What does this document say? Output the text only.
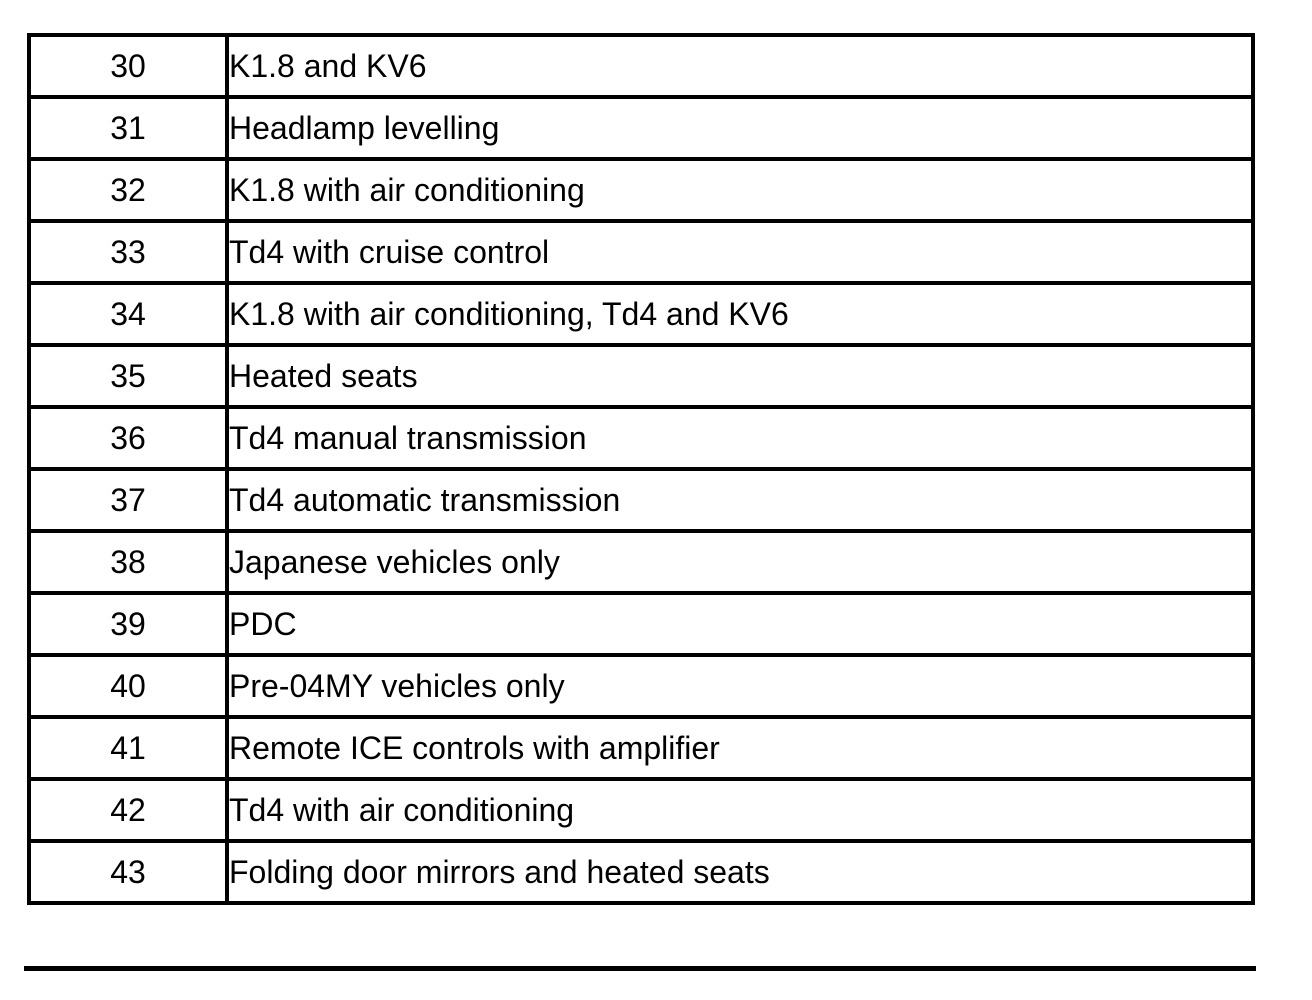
30	K1.8 and KV6
31	Headlamp levelling
32	K1.8 with air conditioning
33	Td4 with cruise control
34	K1.8 with air conditioning, Td4 and KV6
35	Heated seats
36	Td4 manual transmission
37	Td4 automatic transmission
38	Japanese vehicles only
39	PDC
40	Pre-04MY vehicles only
41	Remote ICE controls with amplifier
42	Td4 with air conditioning
43	Folding door mirrors and heated seats
